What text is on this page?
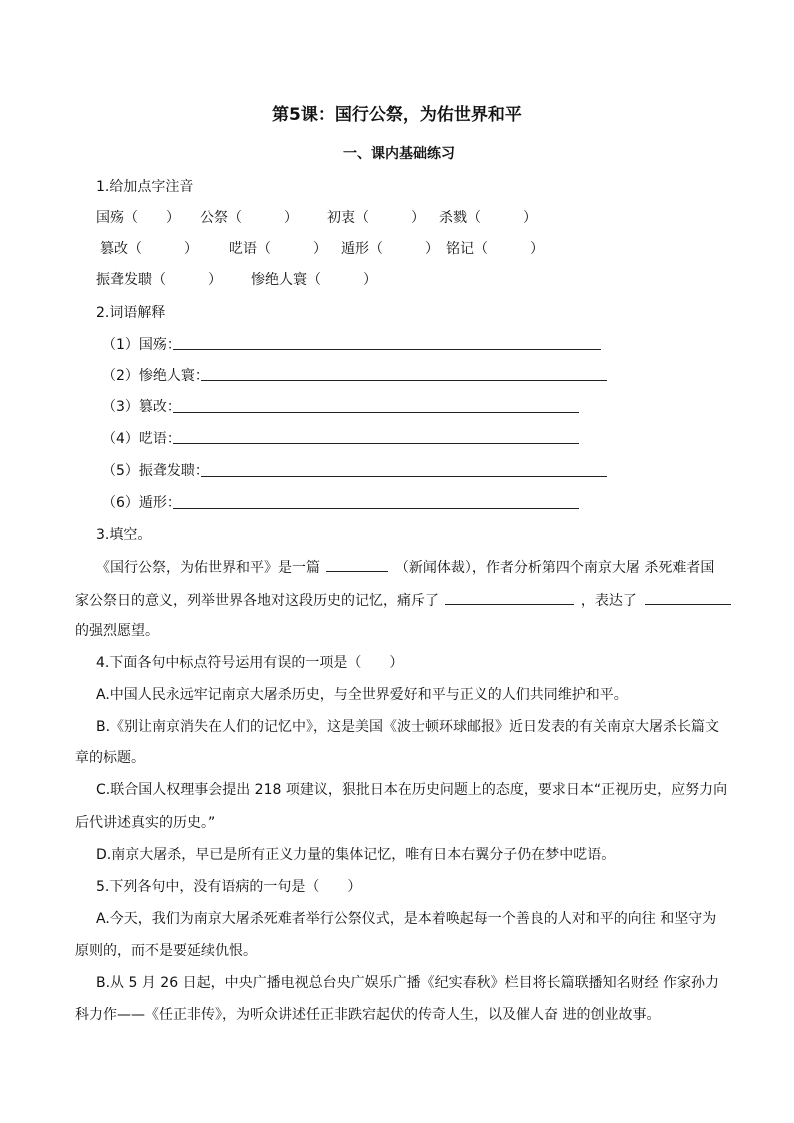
第5课：国行公祭，为佑世界和平
一、课内基础练习
1.给加点字注音
国殇（　　） 公祭（　　　） 初衷（　　　） 杀戮（　　　）
篡改（　　　） 呓语（　　　） 遁形（　　　） 铭记（　　　）
振聋发聩（　　　） 惨绝人寰（　　　）
2.词语解释
（1）国殇：
（2）惨绝人寰：
（3）篡改：
（4）呓语：
（5）振聋发聩：
（6）遁形：
3.填空。
《国行公祭，为佑世界和平》是一篇	（新闻体裁），作者分析第四个南京大屠 杀死难者国
家公祭日的意义，列举世界各地对这段历史的记忆，痛斥了	，表达了
的强烈愿望。
4.下面各句中标点符号运用有误的一项是（　　）
A.中国人民永远牢记南京大屠杀历史，与全世界爱好和平与正义的人们共同维护和平。
B.《别让南京消失在人们的记忆中》，这是美国《波士顿环球邮报》近日发表的有关南京大屠杀长篇文
章的标题。
C.联合国人权理事会提出 218 项建议，狠批日本在历史问题上的态度，要求日本“正视历史，应努力向
后代讲述真实的历史。”
D.南京大屠杀，早已是所有正义力量的集体记忆，唯有日本右翼分子仍在梦中呓语。
5.下列各句中，没有语病的一句是（　　）
A.今天，我们为南京大屠杀死难者举行公祭仪式，是本着唤起每一个善良的人对和平的向往 和坚守为
原则的，而不是要延续仇恨。
B.从 5 月 26 日起，中央广播电视总台央广娱乐广播《纪实春秋》栏目将长篇联播知名财经 作家孙力
科力作——《任正非传》，为听众讲述任正非跌宕起伏的传奇人生，以及催人奋 进的创业故事。
